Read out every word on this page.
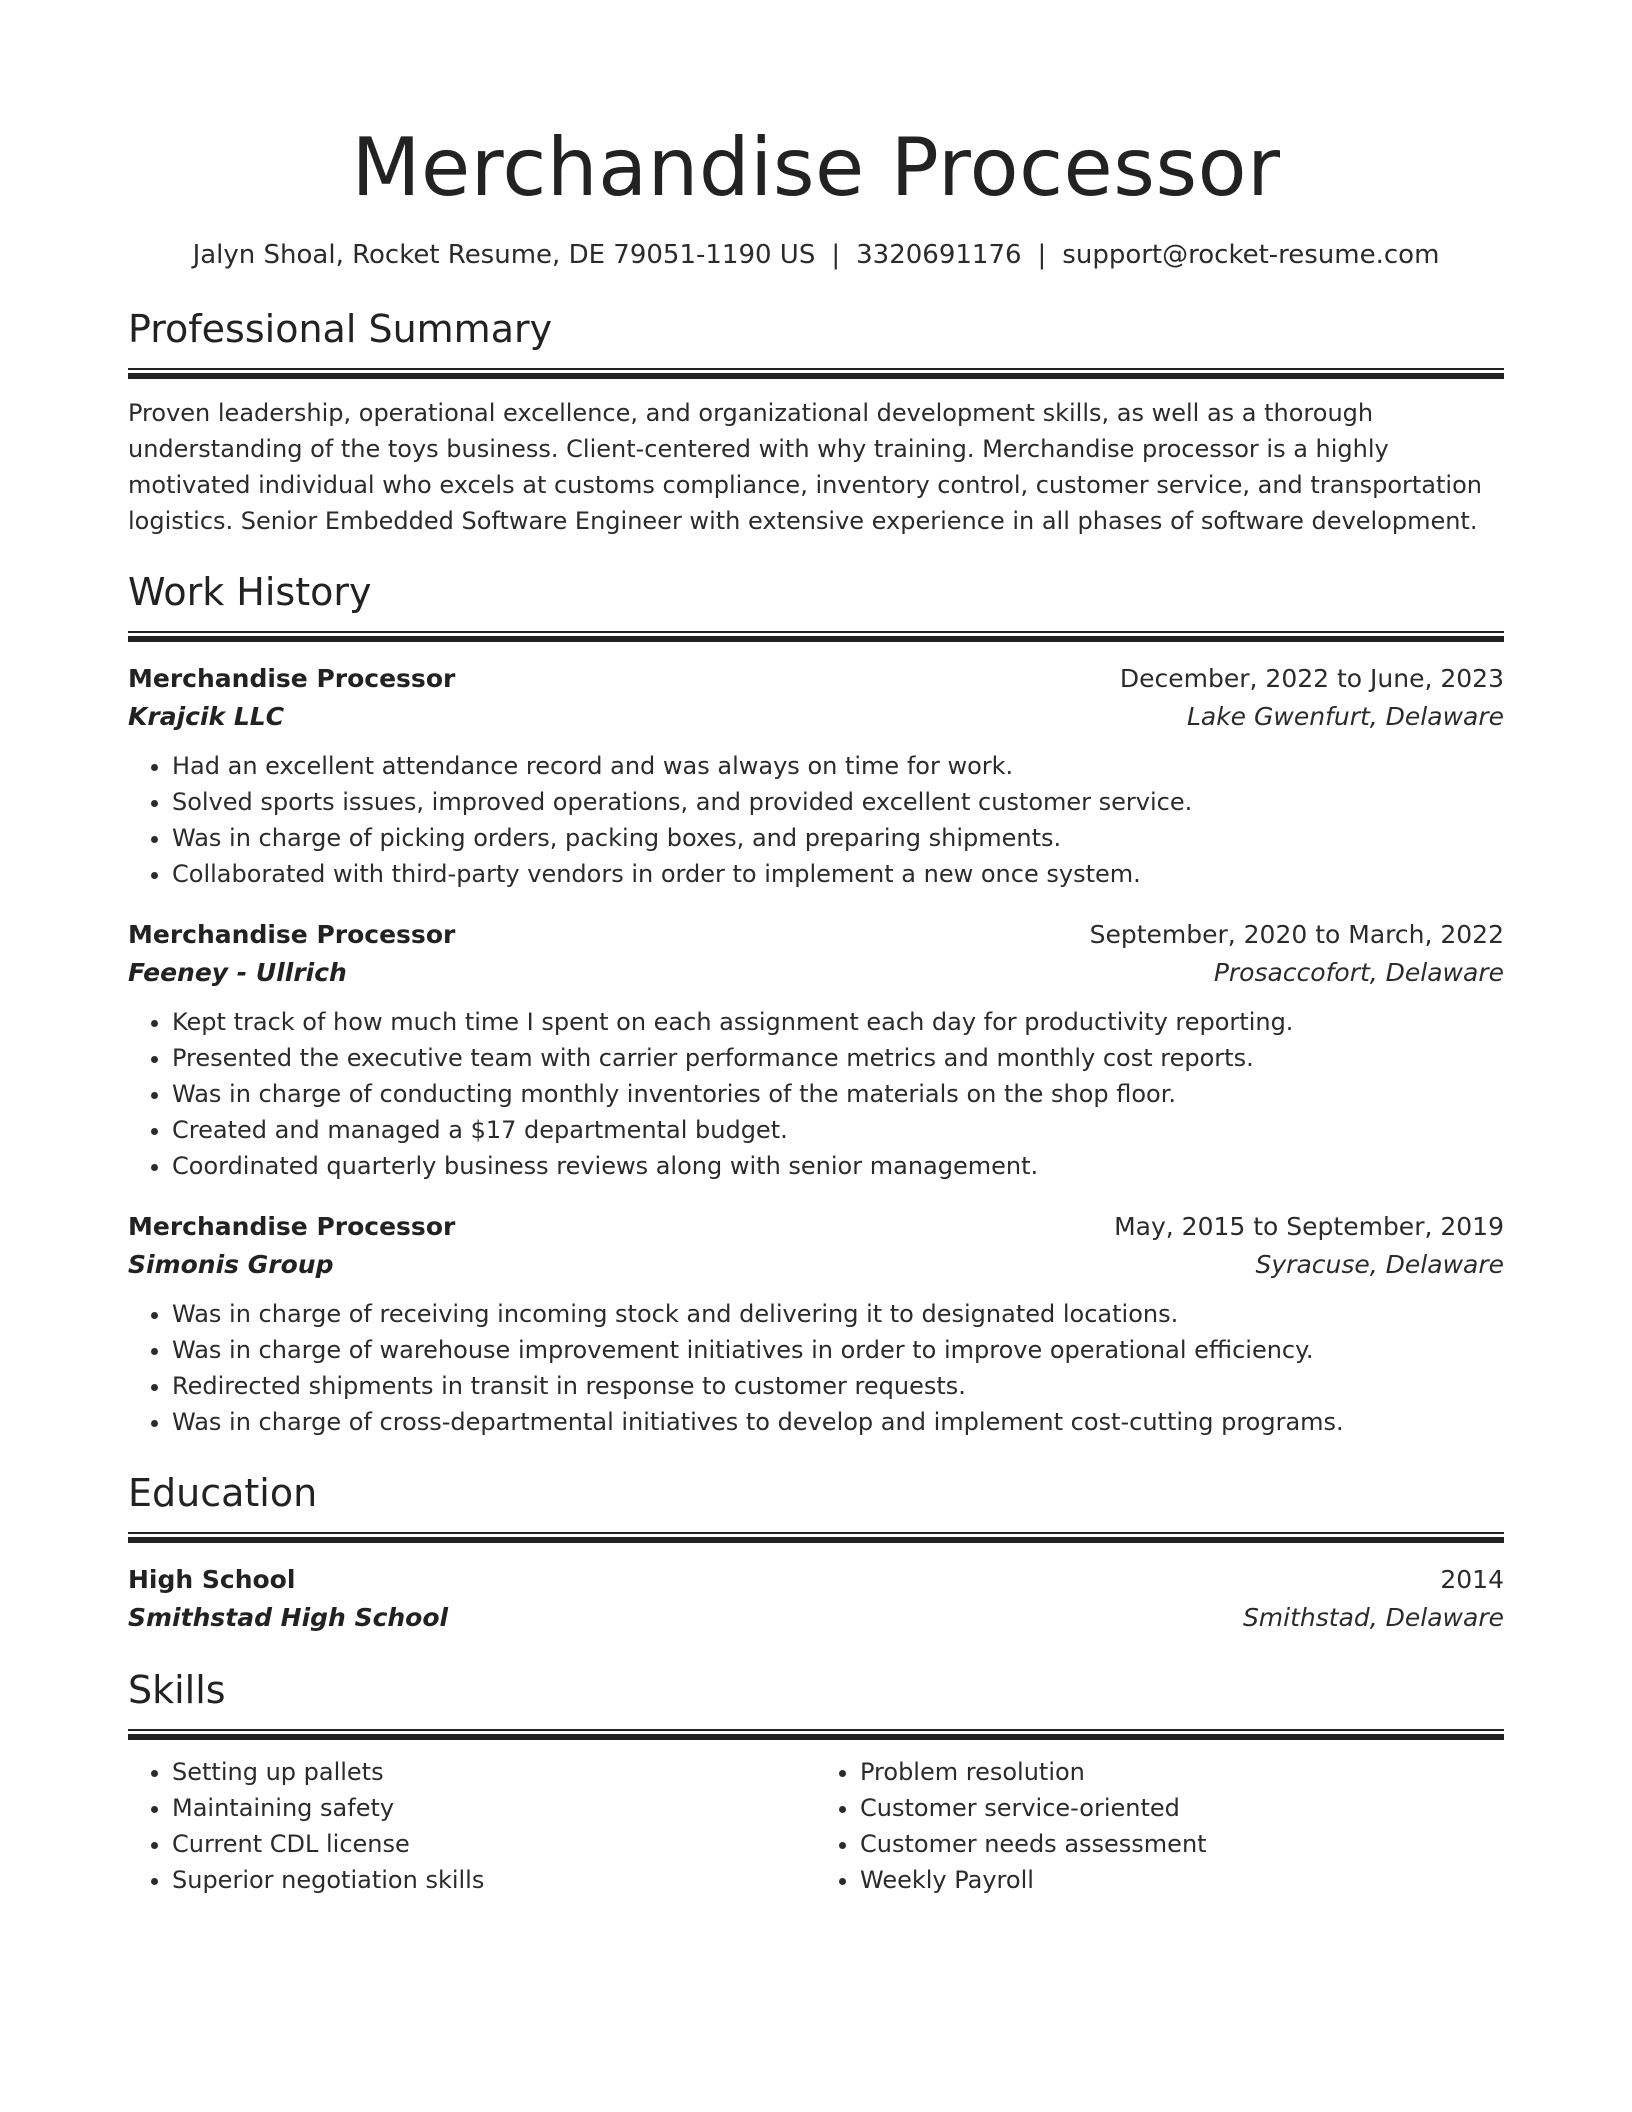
Merchandise Processor
Jalyn Shoal, Rocket Resume, DE 79051-1190 US | 3320691176 | support@rocket-resume.com
Professional Summary
Proven leadership, operational excellence, and organizational development skills, as well as a thorough understanding of the toys business. Client-centered with why training. Merchandise processor is a highly motivated individual who excels at customs compliance, inventory control, customer service, and transportation logistics. Senior Embedded Software Engineer with extensive experience in all phases of software development.
Work History
Merchandise Processor	December, 2022 to June, 2023
Krajcik LLC	Lake Gwenfurt, Delaware
• Had an excellent attendance record and was always on time for work.
• Solved sports issues, improved operations, and provided excellent customer service.
• Was in charge of picking orders, packing boxes, and preparing shipments.
• Collaborated with third-party vendors in order to implement a new once system.
Merchandise Processor	September, 2020 to March, 2022
Feeney - Ullrich	Prosaccofort, Delaware
• Kept track of how much time I spent on each assignment each day for productivity reporting.
• Presented the executive team with carrier performance metrics and monthly cost reports.
• Was in charge of conducting monthly inventories of the materials on the shop floor.
• Created and managed a $17 departmental budget.
• Coordinated quarterly business reviews along with senior management.
Merchandise Processor	May, 2015 to September, 2019
Simonis Group	Syracuse, Delaware
• Was in charge of receiving incoming stock and delivering it to designated locations.
• Was in charge of warehouse improvement initiatives in order to improve operational efficiency.
• Redirected shipments in transit in response to customer requests.
• Was in charge of cross-departmental initiatives to develop and implement cost-cutting programs.
Education
High School	2014
Smithstad High School	Smithstad, Delaware
Skills
• Setting up pallets
• Maintaining safety
• Current CDL license
• Superior negotiation skills
• Problem resolution
• Customer service-oriented
• Customer needs assessment
• Weekly Payroll
